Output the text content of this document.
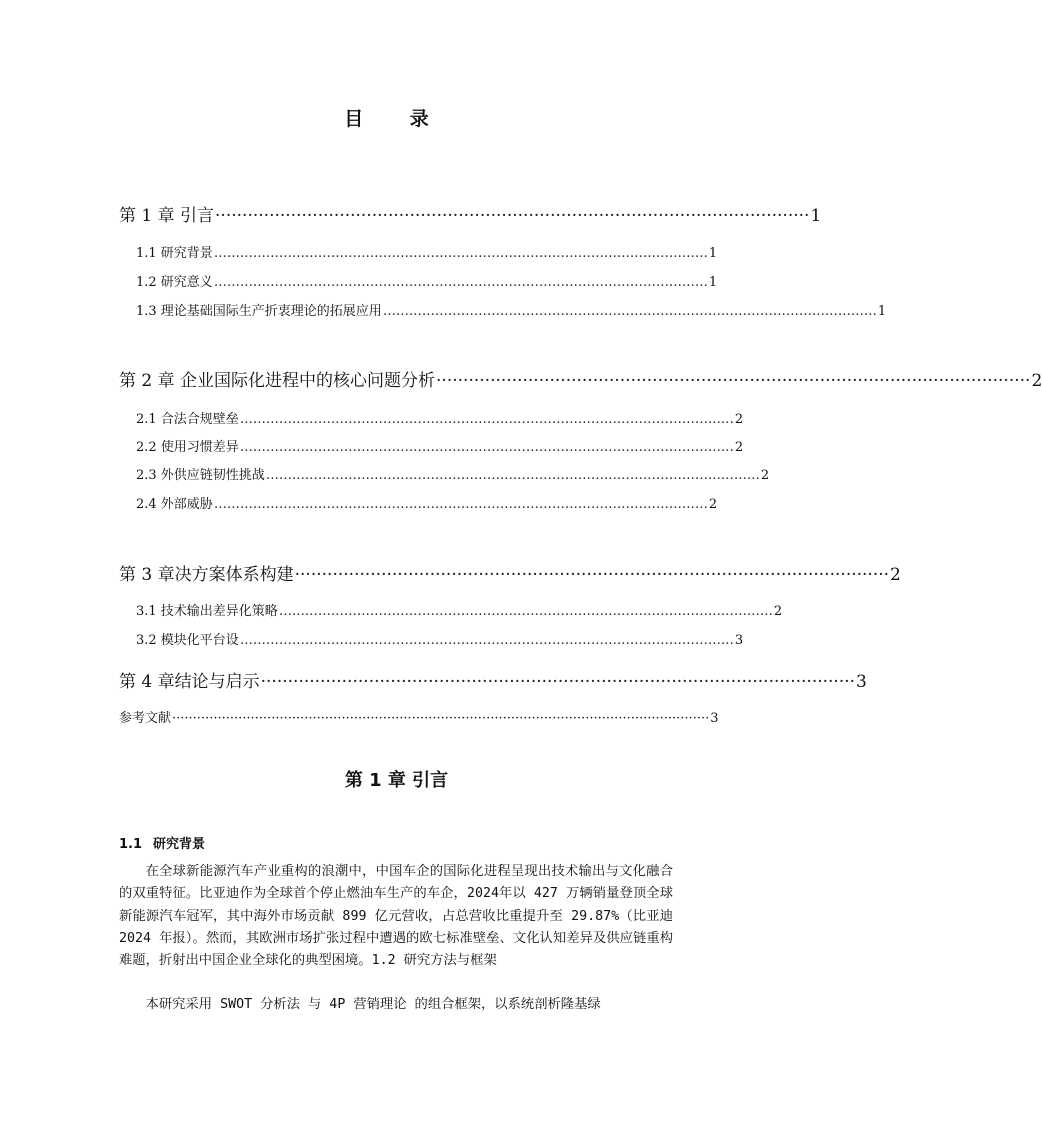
目 录
第 1 章 引言 ·············································································································· 1
1.1 研究背景 …………………………………………………………………………………………………… 1
1.2 研究意义 …………………………………………………………………………………………………… 1
1.3 理论基础国际生产折衷理论的拓展应用 …………………………………………………………………………………………………… 1
第 2 章 企业国际化进程中的核心问题分析 ·············································································································· 2
2.1 合法合规壁垒 …………………………………………………………………………………………………… 2
2.2 使用习惯差异 …………………………………………………………………………………………………… 2
2.3 外供应链韧性挑战 …………………………………………………………………………………………………… 2
2.4 外部威胁 …………………………………………………………………………………………………… 2
第 3 章决方案体系构建 ·············································································································· 2
3.1 技术输出差异化策略 …………………………………………………………………………………………………… 2
3.2 模块化平台设 …………………………………………………………………………………………………… 3
第 4 章结论与启示 ·············································································································· 3
参考文献 ·································································································································· 3
第 1 章 引言
1.1 研究背景

在全球新能源汽车产业重构的浪潮中，中国车企的国际化进程呈现出技术输出与文化融合的双重特征。比亚迪作为全球首个停止燃油车生产的车企，2024年以 427 万辆销量登顶全球新能源汽车冠军，其中海外市场贡献 899 亿元营收，占总营收比重提升至 29.87%（比亚迪 2024 年报）。然而，其欧洲市场扩张过程中遭遇的欧七标准壁垒、文化认知差异及供应链重构难题，折射出中国企业全球化的典型困境。1.2 研究方法与框架

本研究采用 SWOT 分析法 与 4P 营销理论 的组合框架，以系统剖析隆基绿
